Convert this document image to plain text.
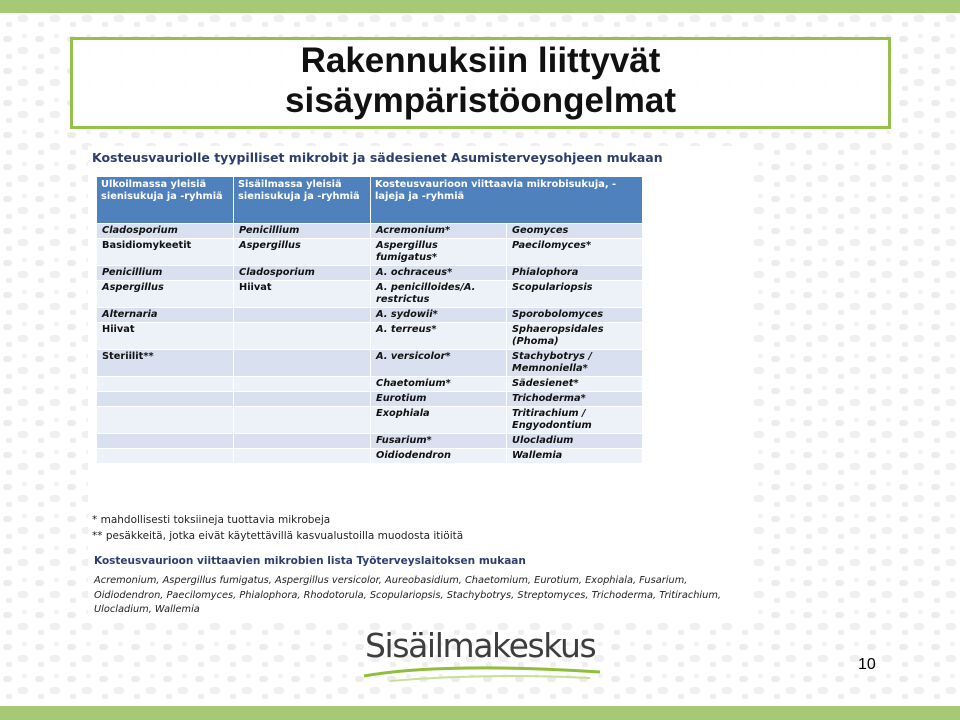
Rakennuksiin liittyvät
sisäympäristöongelmat
Kosteusvauriolle tyypilliset mikrobit ja sädesienet Asumisterveysohjeen mukaan
Ulkoilmassa yleisiä sienisukuja ja -ryhmiä	Sisäilmassa yleisiä sienisukuja ja -ryhmiä	Kosteusvaurioon viittaavia mikrobisukuja, - lajeja ja -ryhmiä	
Cladosporium	Penicillium	Acremonium*	Geomyces
Basidiomykeetit	Aspergillus	Aspergillus fumigatus*	Paecilomyces*
Penicillium	Cladosporium	A. ochraceus*	Phialophora
Aspergillus	Hiivat	A. penicilloides/A. restrictus	Scopulariopsis
Alternaria		A. sydowii*	Sporobolomyces
Hiivat		A. terreus*	Sphaeropsidales (Phoma)
Steriilit**		A. versicolor*	Stachybotrys / Memnoniella*
		Chaetomium*	Sädesienet*
		Eurotium	Trichoderma*
		Exophiala	Tritirachium / Engyodontium
		Fusarium*	Ulocladium
		Oidiodendron	Wallemia
* mahdollisesti toksiineja tuottavia mikrobeja
** pesäkkeitä, jotka eivät käytettävillä kasvualustoilla muodosta itiöitä
Kosteusvaurioon viittaavien mikrobien lista Työterveyslaitoksen mukaan
Acremonium, Aspergillus fumigatus, Aspergillus versicolor, Aureobasidium, Chaetomium, Eurotium, Exophiala, Fusarium, Oidiodendron, Paecilomyces, Phialophora, Rhodotorula, Scopulariopsis, Stachybotrys, Streptomyces, Trichoderma, Tritirachium, Ulocladium, Wallemia
Sisäilmakeskus	10
